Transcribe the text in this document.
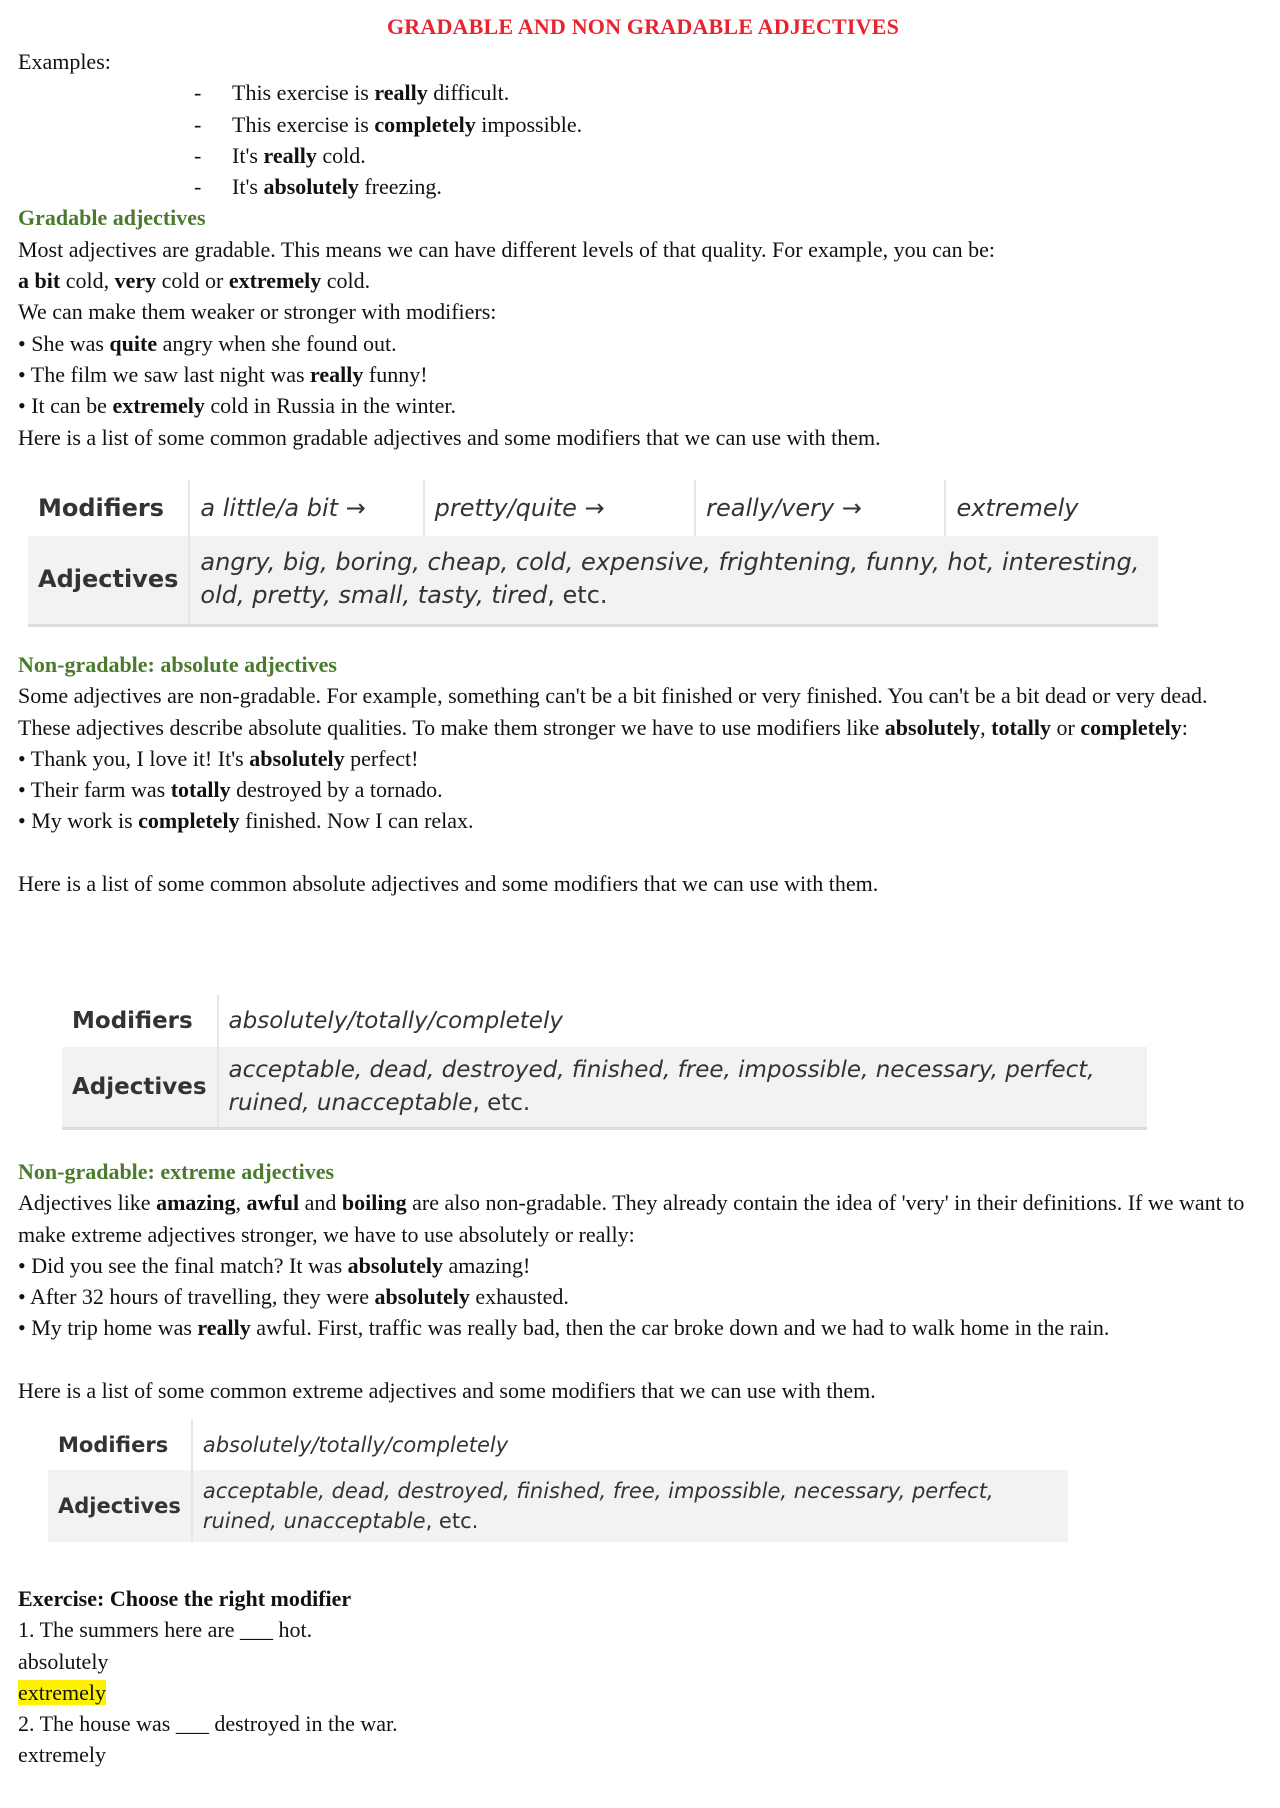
GRADABLE AND NON GRADABLE ADJECTIVES
Examples:
- This exercise is really difficult.
- This exercise is completely impossible.
- It's really cold.
- It's absolutely freezing.
Gradable adjectives
Most adjectives are gradable. This means we can have different levels of that quality. For example, you can be:
a bit cold, very cold or extremely cold.
We can make them weaker or stronger with modifiers:
• She was quite angry when she found out.
• The film we saw last night was really funny!
• It can be extremely cold in Russia in the winter.
Here is a list of some common gradable adjectives and some modifiers that we can use with them.
Modifiers	a little/a bit →	pretty/quite →	really/very →	extremely
Adjectives	angry, big, boring, cheap, cold, expensive, frightening, funny, hot, interesting, old, pretty, small, tasty, tired, etc.			
Non-gradable: absolute adjectives
Some adjectives are non-gradable. For example, something can't be a bit finished or very finished. You can't be a bit dead or very dead.
These adjectives describe absolute qualities. To make them stronger we have to use modifiers like absolutely, totally or completely:
• Thank you, I love it! It's absolutely perfect!
• Their farm was totally destroyed by a tornado.
• My work is completely finished. Now I can relax.
Here is a list of some common absolute adjectives and some modifiers that we can use with them.
Modifiers	absolutely/totally/completely
Adjectives	acceptable, dead, destroyed, finished, free, impossible, necessary, perfect, ruined, unacceptable, etc.
Non-gradable: extreme adjectives
Adjectives like amazing, awful and boiling are also non-gradable. They already contain the idea of 'very' in their definitions. If we want to make extreme adjectives stronger, we have to use absolutely or really:
• Did you see the final match? It was absolutely amazing!
• After 32 hours of travelling, they were absolutely exhausted.
• My trip home was really awful. First, traffic was really bad, then the car broke down and we had to walk home in the rain.
Here is a list of some common extreme adjectives and some modifiers that we can use with them.
Modifiers	absolutely/totally/completely
Adjectives	acceptable, dead, destroyed, finished, free, impossible, necessary, perfect, ruined, unacceptable, etc.
Exercise: Choose the right modifier
1. The summers here are ___ hot.
absolutely
extremely
2. The house was ___ destroyed in the war.
extremely
